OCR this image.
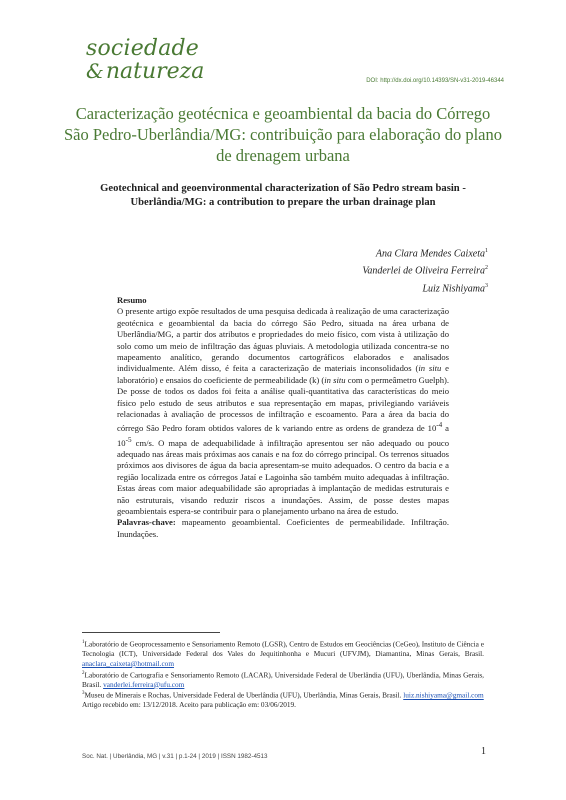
sociedade
&natureza	DOI: http://dx.doi.org/10.14393/SN-v31-2019-46344
Caracterização geotécnica e geoambiental da bacia do Córrego São Pedro-Uberlândia/MG: contribuição para elaboração do plano de drenagem urbana
Geotechnical and geoenvironmental characterization of São Pedro stream basin - Uberlândia/MG: a contribution to prepare the urban drainage plan
Ana Clara Mendes Caixeta$^1$
Vanderlei de Oliveira Ferreira$^2$
Luiz Nishiyama$^3$
Resumo

O presente artigo expõe resultados de uma pesquisa dedicada à realização de uma caracterização geotécnica e geoambiental da bacia do córrego São Pedro, situada na área urbana de Uberlândia/MG, a partir dos atributos e propriedades do meio físico, com vista à utilização do solo como um meio de infiltração das águas pluviais. A metodologia utilizada concentra-se no mapeamento analítico, gerando documentos cartográficos elaborados e analisados individualmente. Além disso, é feita a caracterização de materiais inconsolidados (in situ e laboratório) e ensaios do coeficiente de permeabilidade (k) (in situ com o permeâmetro Guelph). De posse de todos os dados foi feita a análise quali-quantitativa das características do meio físico pelo estudo de seus atributos e sua representação em mapas, privilegiando variáveis relacionadas à avaliação de processos de infiltração e escoamento. Para a área da bacia do córrego São Pedro foram obtidos valores de k variando entre as ordens de grandeza de $10^{-4}$ a $10^{-5}$ cm/s. O mapa de adequabilidade à infiltração apresentou ser não adequado ou pouco adequado nas áreas mais próximas aos canais e na foz do córrego principal. Os terrenos situados próximos aos divisores de água da bacia apresentam-se muito adequados. O centro da bacia e a região localizada entre os córregos Jataí e Lagoinha são também muito adequadas à infiltração. Estas áreas com maior adequabilidade são apropriadas à implantação de medidas estruturais e não estruturais, visando reduzir riscos a inundações. Assim, de posse destes mapas geoambientais espera-se contribuir para o planejamento urbano na área de estudo.

Palavras-chave: mapeamento geoambiental. Coeficientes de permeabilidade. Infiltração. Inundações.

$^1$Laboratório de Geoprocessamento e Sensoriamento Remoto (LGSR), Centro de Estudos em Geociências (CeGeo), Instituto de Ciência e Tecnologia (ICT), Universidade Federal dos Vales do Jequitinhonha e Mucuri (UFVJM), Diamantina, Minas Gerais, Brasil. anaclara_caixeta@hotmail.com

$^2$Laboratório de Cartografia e Sensoriamento Remoto (LACAR), Universidade Federal de Uberlândia (UFU), Uberlândia, Minas Gerais, Brasil. vanderlei.ferreira@ufu.com

$^3$Museu de Minerais e Rochas, Universidade Federal de Uberlândia (UFU), Uberlândia, Minas Gerais, Brasil. luiz.nishiyama@gmail.com

Artigo recebido em: 13/12/2018. Aceito para publicação em: 03/06/2019.

Soc. Nat. | Uberlândia, MG | v.31 | p.1-24 | 2019 | ISSN 1982-4513	1
